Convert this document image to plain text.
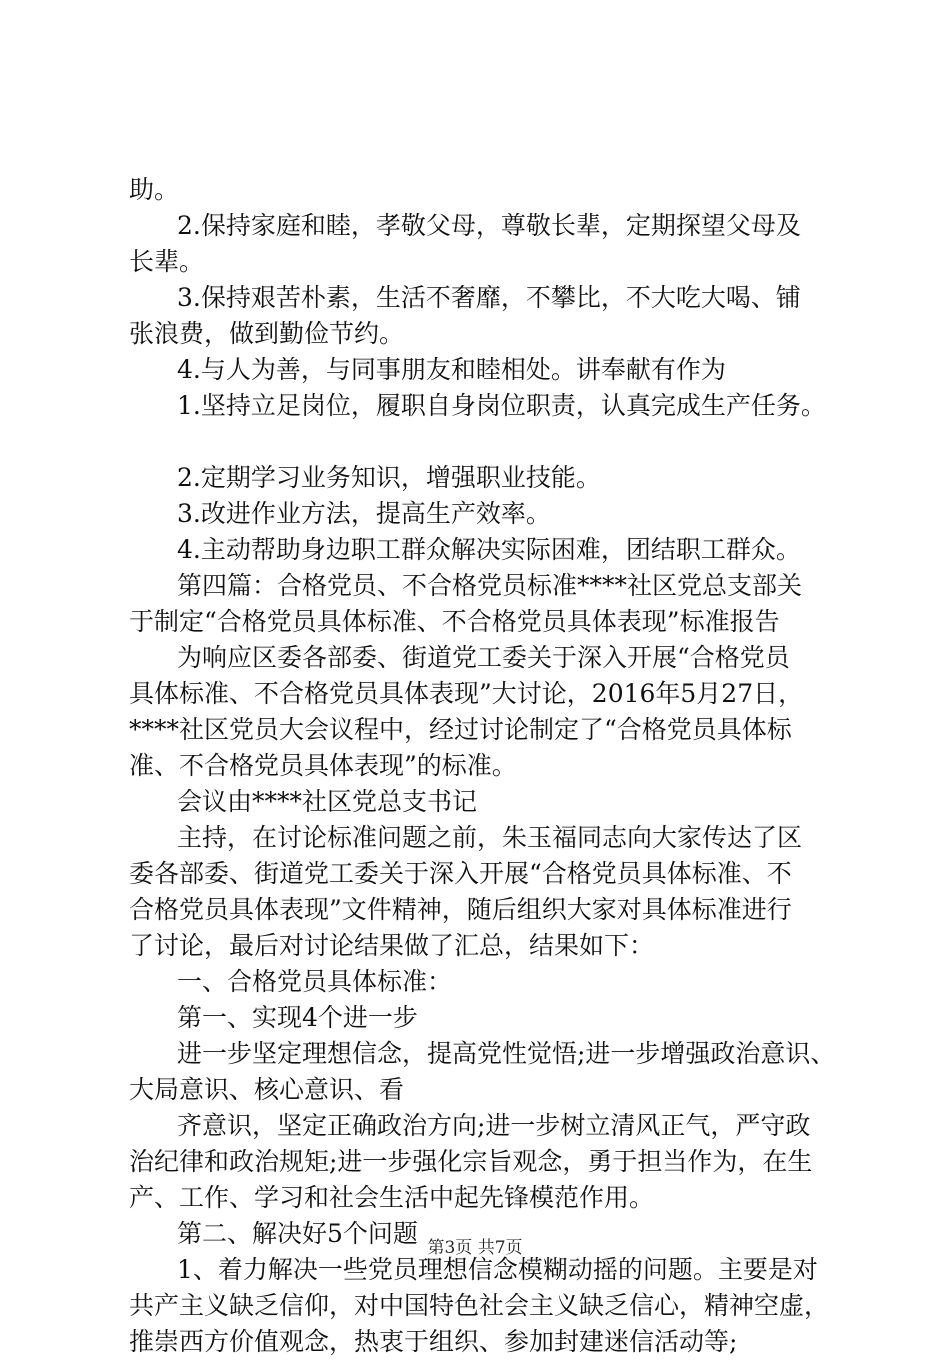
助。

2.保持家庭和睦，孝敬父母，尊敬长辈，定期探望父母及

长辈。

3.保持艰苦朴素，生活不奢靡，不攀比，不大吃大喝、铺

张浪费，做到勤俭节约。

4.与人为善，与同事朋友和睦相处。讲奉献有作为

1.坚持立足岗位，履职自身岗位职责，认真完成生产任务。

2.定期学习业务知识，增强职业技能。

3.改进作业方法，提高生产效率。

4.主动帮助身边职工群众解决实际困难，团结职工群众。

第四篇：合格党员、不合格党员标准****社区党总支部关

于制定“合格党员具体标准、不合格党员具体表现”标准报告

为响应区委各部委、街道党工委关于深入开展“合格党员

具体标准、不合格党员具体表现”大讨论，2016年5月27日，

****社区党员大会议程中，经过讨论制定了“合格党员具体标

准、不合格党员具体表现”的标准。

会议由****社区党总支书记

主持，在讨论标准问题之前，朱玉福同志向大家传达了区

委各部委、街道党工委关于深入开展“合格党员具体标准、不

合格党员具体表现”文件精神，随后组织大家对具体标准进行

了讨论，最后对讨论结果做了汇总，结果如下：

一、合格党员具体标准：

第一、实现4个进一步

进一步坚定理想信念，提高党性觉悟;进一步增强政治意识、

大局意识、核心意识、看

齐意识，坚定正确政治方向;进一步树立清风正气，严守政

治纪律和政治规矩;进一步强化宗旨观念，勇于担当作为，在生

产、工作、学习和社会生活中起先锋模范作用。

第二、解决好5个问题

1、着力解决一些党员理想信念模糊动摇的问题。主要是对

共产主义缺乏信仰，对中国特色社会主义缺乏信心，精神空虚，

推崇西方价值观念，热衷于组织、参加封建迷信活动等;

第3页 共7页
